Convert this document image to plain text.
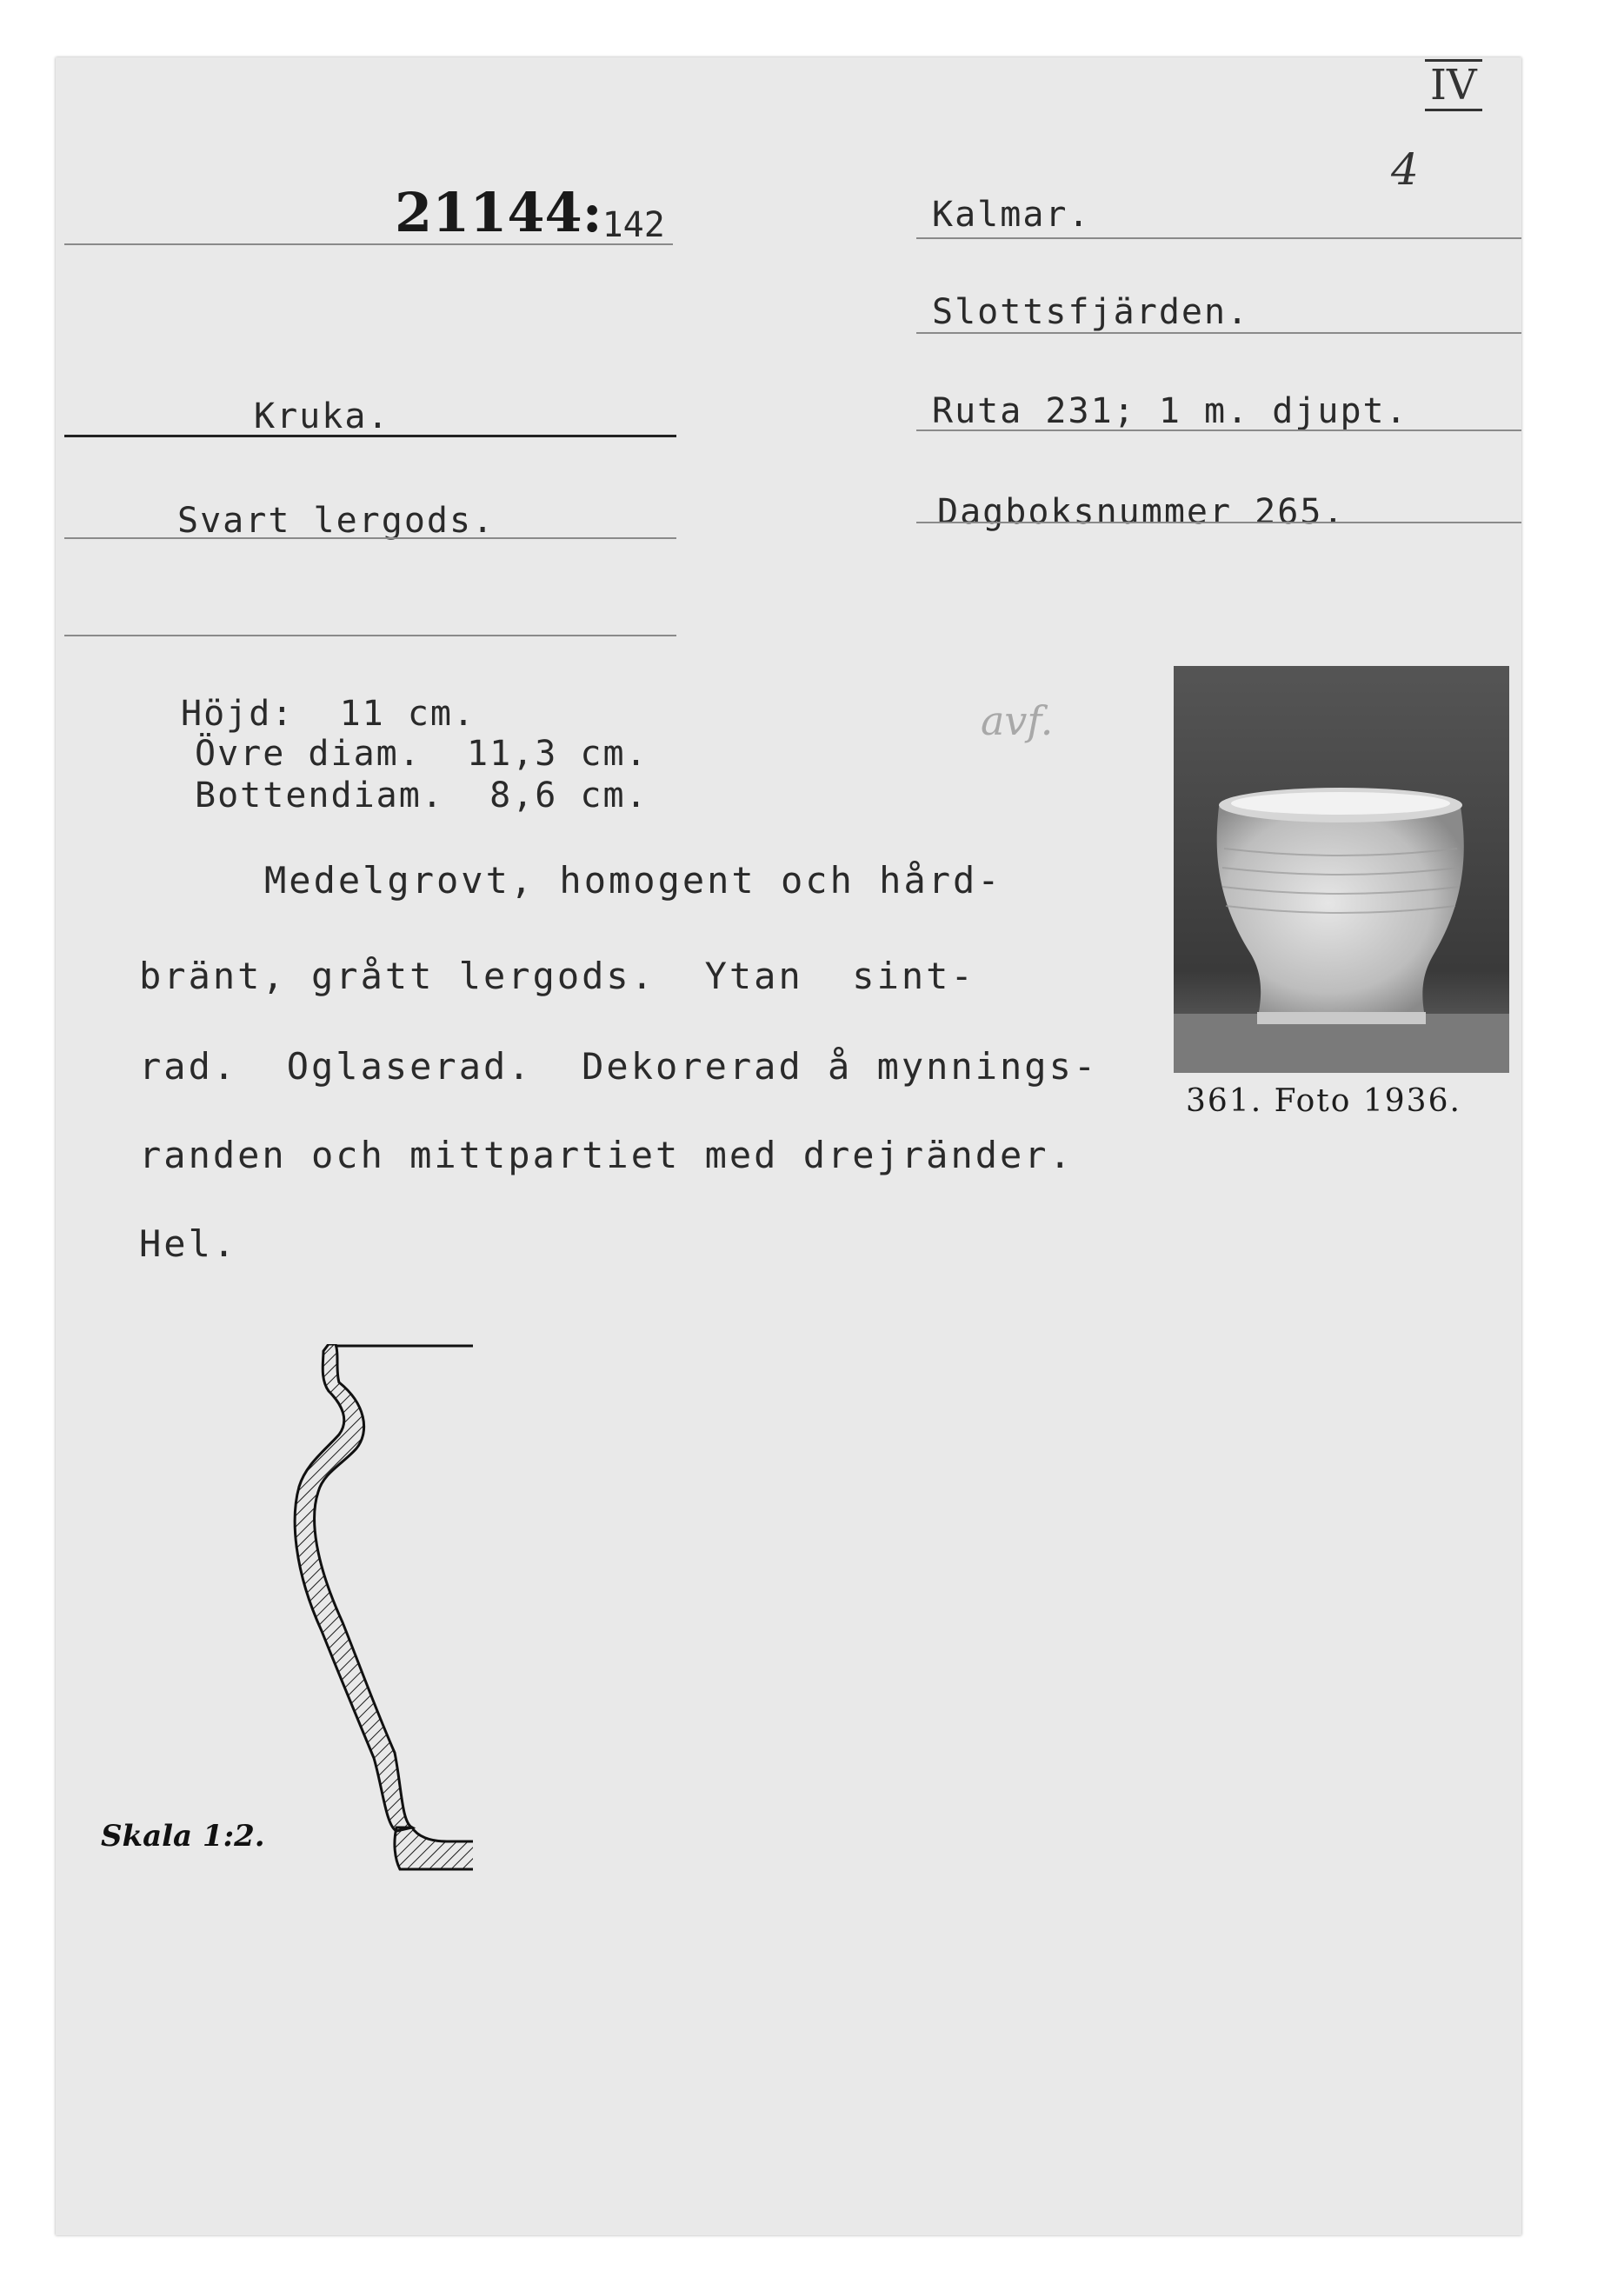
IV
4
21144:142	Kalmar.
Slottsfjärden.
Ruta 231; 1 m. djupt.
Dagboksnummer 265.
Kruka.
Svart lergods.
Höjd:  11 cm.
Övre diam.  11,3 cm.
Bottendiam.  8,6 cm.
avf.
Medelgrovt, homogent och hård-
bränt, grått lergods.  Ytan  sint-
rad.  Oglaserad.  Dekorerad å mynnings-
randen och mittpartiet med drejränder.
Hel.
361. Foto 1936.
Skala 1:2.
